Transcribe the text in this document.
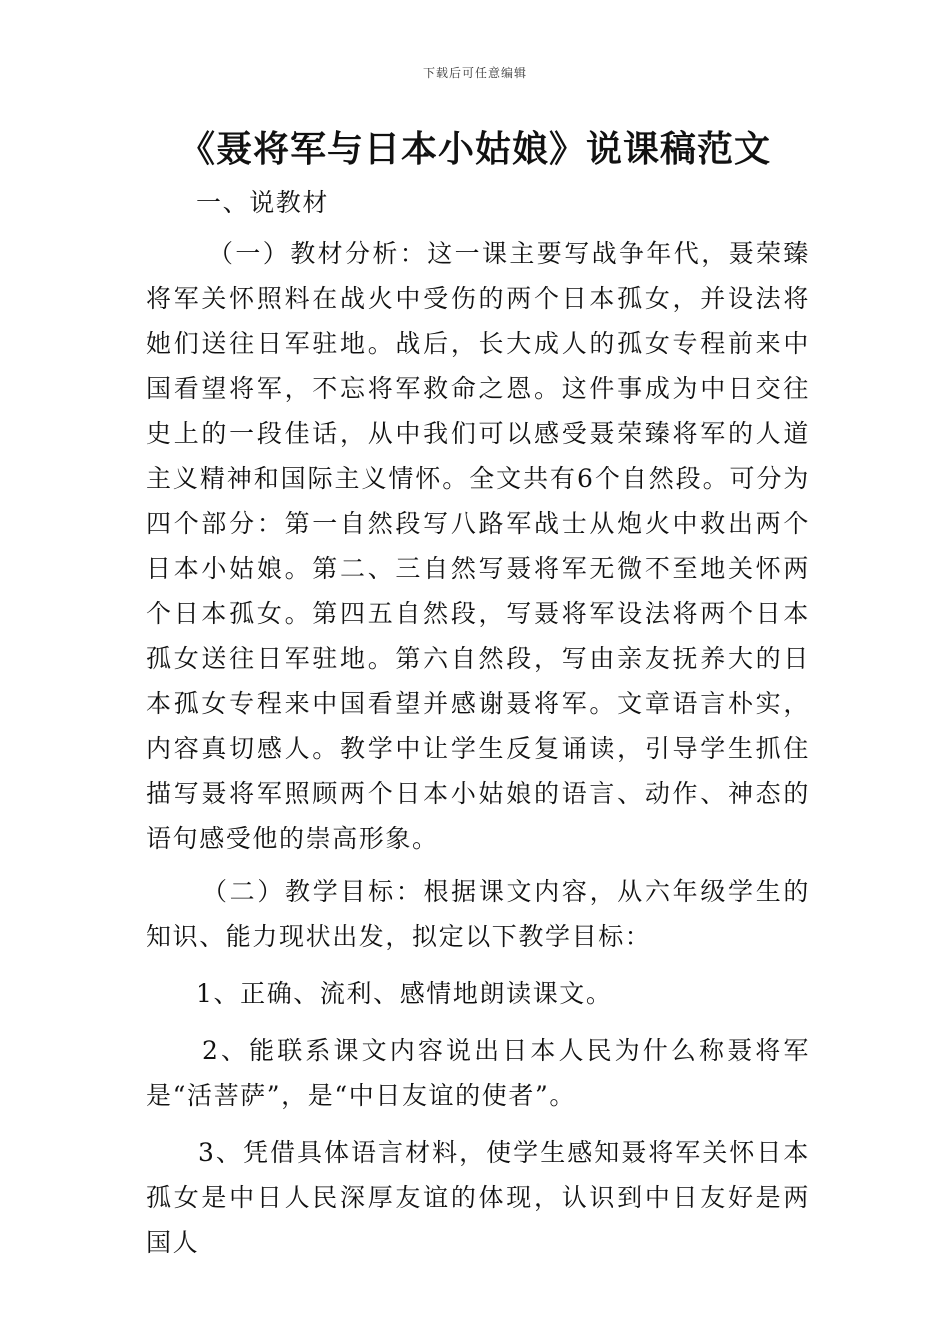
下载后可任意编辑
《聂将军与日本小姑娘》说课稿范文

一、说教材

（一）教材分析：这一课主要写战争年代，聂荣臻将军关怀照料在战火中受伤的两个日本孤女，并设法将她们送往日军驻地。战后，长大成人的孤女专程前来中国看望将军，不忘将军救命之恩。这件事成为中日交往史上的一段佳话，从中我们可以感受聂荣臻将军的人道主义精神和国际主义情怀。全文共有6个自然段。可分为四个部分：第一自然段写八路军战士从炮火中救出两个日本小姑娘。第二、三自然写聂将军无微不至地关怀两个日本孤女。第四五自然段，写聂将军设法将两个日本孤女送往日军驻地。第六自然段，写由亲友抚养大的日本孤女专程来中国看望并感谢聂将军。文章语言朴实，内容真切感人。教学中让学生反复诵读，引导学生抓住描写聂将军照顾两个日本小姑娘的语言、动作、神态的语句感受他的崇高形象。

（二）教学目标：根据课文内容，从六年级学生的知识、能力现状出发，拟定以下教学目标：

1、正确、流利、感情地朗读课文。

2、能联系课文内容说出日本人民为什么称聂将军是“活菩萨”，是“中日友谊的使者”。

3、凭借具体语言材料，使学生感知聂将军关怀日本孤女是中日人民深厚友谊的体现，认识到中日友好是两国人
